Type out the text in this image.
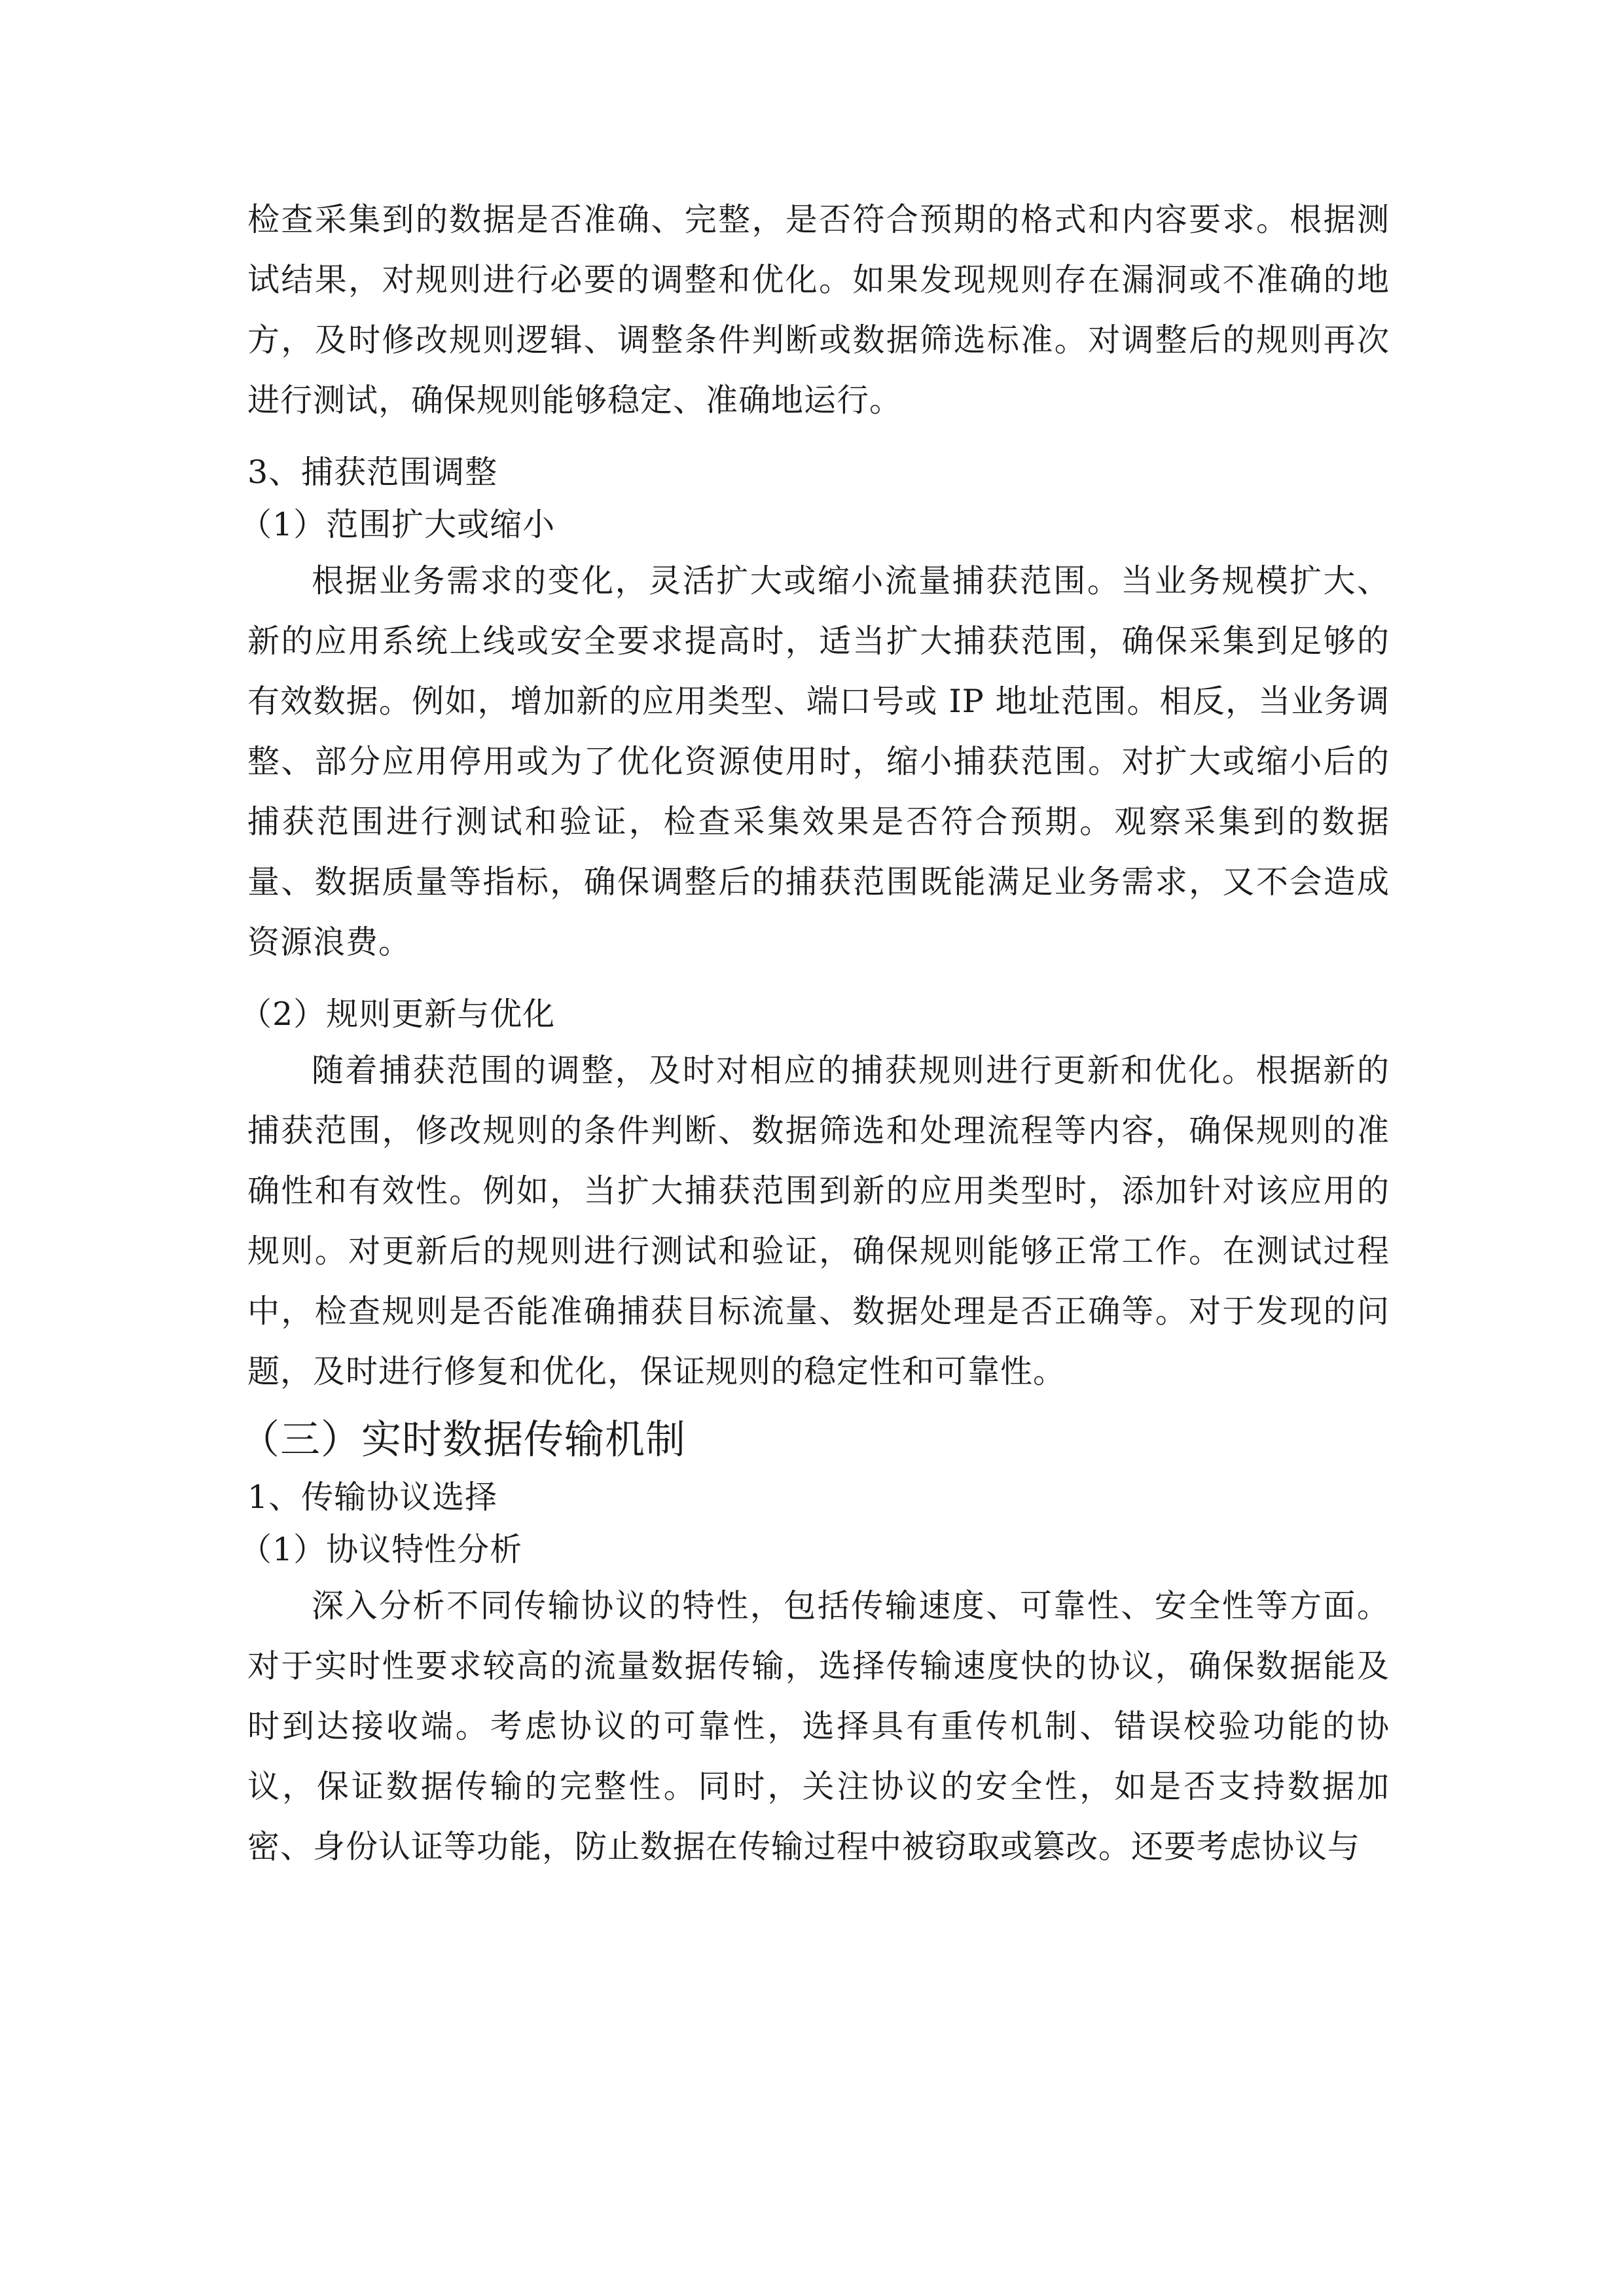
检查采集到的数据是否准确、完整，是否符合预期的格式和内容要求。根据测试结果，对规则进行必要的调整和优化。如果发现规则存在漏洞或不准确的地方，及时修改规则逻辑、调整条件判断或数据筛选标准。对调整后的规则再次进行测试，确保规则能够稳定、准确地运行。

3、捕获范围调整

（1）范围扩大或缩小

根据业务需求的变化，灵活扩大或缩小流量捕获范围。当业务规模扩大、新的应用系统上线或安全要求提高时，适当扩大捕获范围，确保采集到足够的有效数据。例如，增加新的应用类型、端口号或 IP 地址范围。相反，当业务调整、部分应用停用或为了优化资源使用时，缩小捕获范围。对扩大或缩小后的捕获范围进行测试和验证，检查采集效果是否符合预期。观察采集到的数据量、数据质量等指标，确保调整后的捕获范围既能满足业务需求，又不会造成资源浪费。

（2）规则更新与优化

随着捕获范围的调整，及时对相应的捕获规则进行更新和优化。根据新的捕获范围，修改规则的条件判断、数据筛选和处理流程等内容，确保规则的准确性和有效性。例如，当扩大捕获范围到新的应用类型时，添加针对该应用的规则。对更新后的规则进行测试和验证，确保规则能够正常工作。在测试过程中，检查规则是否能准确捕获目标流量、数据处理是否正确等。对于发现的问题，及时进行修复和优化，保证规则的稳定性和可靠性。

（三）实时数据传输机制

1、传输协议选择

（1）协议特性分析

深入分析不同传输协议的特性，包括传输速度、可靠性、安全性等方面。对于实时性要求较高的流量数据传输，选择传输速度快的协议，确保数据能及时到达接收端。考虑协议的可靠性，选择具有重传机制、错误校验功能的协议，保证数据传输的完整性。同时，关注协议的安全性，如是否支持数据加密、身份认证等功能，防止数据在传输过程中被窃取或篡改。还要考虑协议与
